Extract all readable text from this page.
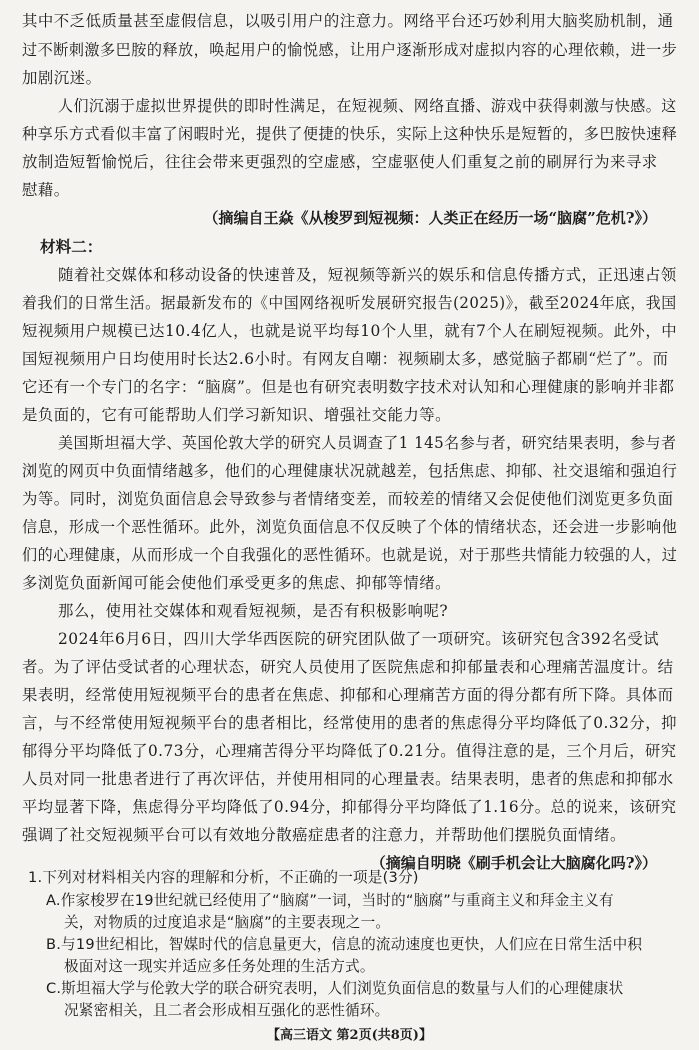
其中不乏低质量甚至虚假信息，以吸引用户的注意力。网络平台还巧妙利用大脑奖励机制，通
过不断刺激多巴胺的释放，唤起用户的愉悦感，让用户逐渐形成对虚拟内容的心理依赖，进一步
加剧沉迷。
人们沉溺于虚拟世界提供的即时性满足，在短视频、网络直播、游戏中获得刺激与快感。这
种享乐方式看似丰富了闲暇时光，提供了便捷的快乐，实际上这种快乐是短暂的，多巴胺快速释
放制造短暂愉悦后，往往会带来更强烈的空虚感，空虚驱使人们重复之前的刷屏行为来寻求
慰藉。
（摘编自王焱《从梭罗到短视频：人类正在经历一场“脑腐”危机?》）
材料二：
随着社交媒体和移动设备的快速普及，短视频等新兴的娱乐和信息传播方式，正迅速占领
着我们的日常生活。据最新发布的《中国网络视听发展研究报告(2025)》，截至2024年底，我国
短视频用户规模已达10.4亿人，也就是说平均每10个人里，就有7个人在刷短视频。此外，中
国短视频用户日均使用时长达2.6小时。有网友自嘲：视频刷太多，感觉脑子都刷“烂了”。而
它还有一个专门的名字：“脑腐”。但是也有研究表明数字技术对认知和心理健康的影响并非都
是负面的，它有可能帮助人们学习新知识、增强社交能力等。
美国斯坦福大学、英国伦敦大学的研究人员调查了1 145名参与者，研究结果表明，参与者
浏览的网页中负面情绪越多，他们的心理健康状况就越差，包括焦虑、抑郁、社交退缩和强迫行
为等。同时，浏览负面信息会导致参与者情绪变差，而较差的情绪又会促使他们浏览更多负面
信息，形成一个恶性循环。此外，浏览负面信息不仅反映了个体的情绪状态，还会进一步影响他
们的心理健康，从而形成一个自我强化的恶性循环。也就是说，对于那些共情能力较强的人，过
多浏览负面新闻可能会使他们承受更多的焦虑、抑郁等情绪。
那么，使用社交媒体和观看短视频，是否有积极影响呢?
2024年6月6日，四川大学华西医院的研究团队做了一项研究。该研究包含392名受试
者。为了评估受试者的心理状态，研究人员使用了医院焦虑和抑郁量表和心理痛苦温度计。结
果表明，经常使用短视频平台的患者在焦虑、抑郁和心理痛苦方面的得分都有所下降。具体而
言，与不经常使用短视频平台的患者相比，经常使用的患者的焦虑得分平均降低了0.32分，抑
郁得分平均降低了0.73分，心理痛苦得分平均降低了0.21分。值得注意的是，三个月后，研究
人员对同一批患者进行了再次评估，并使用相同的心理量表。结果表明，患者的焦虑和抑郁水
平均显著下降，焦虑得分平均降低了0.94分，抑郁得分平均降低了1.16分。总的说来，该研究
强调了社交短视频平台可以有效地分散癌症患者的注意力，并帮助他们摆脱负面情绪。
（摘编自明晓《刷手机会让大脑腐化吗?》）
1.下列对材料相关内容的理解和分析，不正确的一项是(3分)
A.作家梭罗在19世纪就已经使用了“脑腐”一词，当时的“脑腐”与重商主义和拜金主义有
关，对物质的过度追求是“脑腐”的主要表现之一。
B.与19世纪相比，智媒时代的信息量更大，信息的流动速度也更快，人们应在日常生活中积
极面对这一现实并适应多任务处理的生活方式。
C.斯坦福大学与伦敦大学的联合研究表明，人们浏览负面信息的数量与人们的心理健康状
况紧密相关，且二者会形成相互强化的恶性循环。
【高三语文 第2页(共8页)】
